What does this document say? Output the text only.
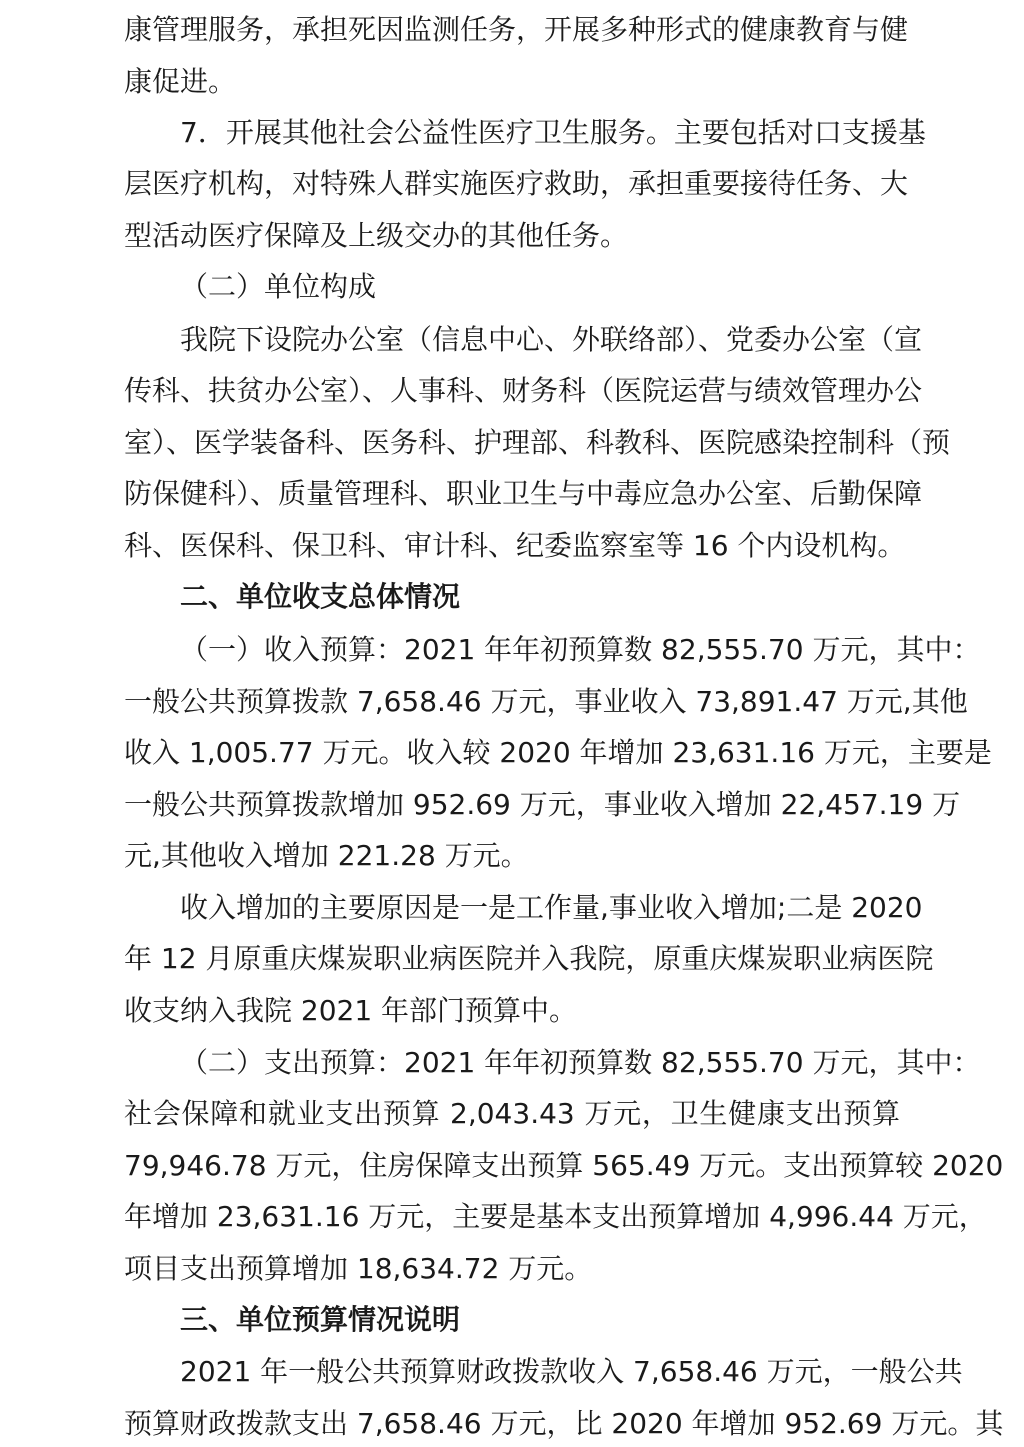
康管理服务，承担死因监测任务，开展多种形式的健康教育与健
康促进。
7．开展其他社会公益性医疗卫生服务。主要包括对口支援基
层医疗机构，对特殊人群实施医疗救助，承担重要接待任务、大
型活动医疗保障及上级交办的其他任务。
（二）单位构成
我院下设院办公室（信息中心、外联络部）、党委办公室（宣
传科、扶贫办公室）、人事科、财务科（医院运营与绩效管理办公
室）、医学装备科、医务科、护理部、科教科、医院感染控制科（预
防保健科）、质量管理科、职业卫生与中毒应急办公室、后勤保障
科、医保科、保卫科、审计科、纪委监察室等 16 个内设机构。
二、单位收支总体情况
（一）收入预算：2021 年年初预算数 82,555.70 万元，其中：
一般公共预算拨款 7,658.46 万元，事业收入 73,891.47 万元,其他
收入 1,005.77 万元。收入较 2020 年增加 23,631.16 万元，主要是
一般公共预算拨款增加 952.69 万元，事业收入增加 22,457.19 万
元,其他收入增加 221.28 万元。
收入增加的主要原因是一是工作量,事业收入增加;二是 2020
年 12 月原重庆煤炭职业病医院并入我院，原重庆煤炭职业病医院
收支纳入我院 2021 年部门预算中。
（二）支出预算：2021 年年初预算数 82,555.70 万元，其中：
社会保障和就业支出预算 2,043.43 万元，卫生健康支出预算
79,946.78 万元，住房保障支出预算 565.49 万元。支出预算较 2020
年增加 23,631.16 万元，主要是基本支出预算增加 4,996.44 万元，
项目支出预算增加 18,634.72 万元。
三、单位预算情况说明
2021 年一般公共预算财政拨款收入 7,658.46 万元，一般公共
预算财政拨款支出 7,658.46 万元，比 2020 年增加 952.69 万元。其
